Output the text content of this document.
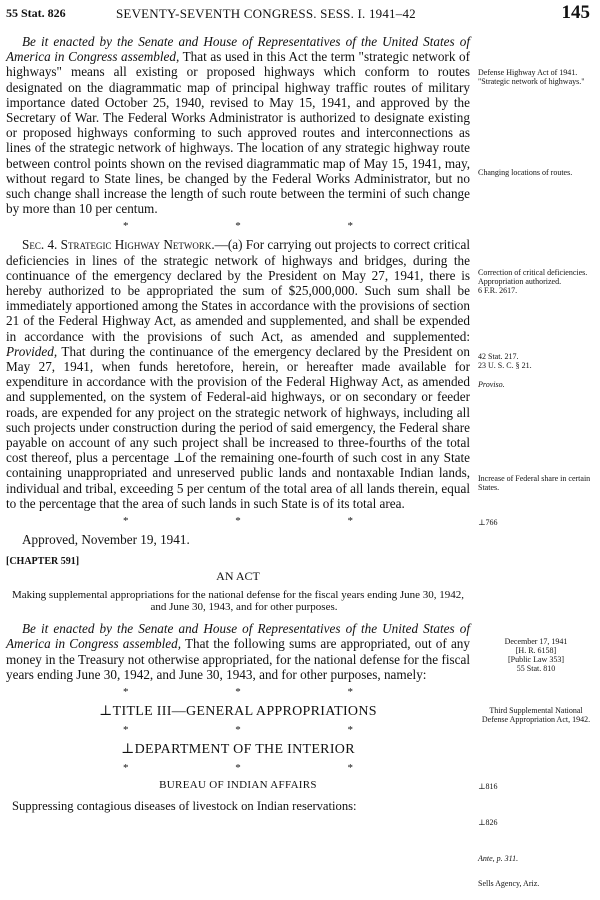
55 Stat. 826	SEVENTY-SEVENTH CONGRESS. SESS. I. 1941–42	145

Be it enacted by the Senate and House of Representatives of the United States of America in Congress assembled, That as used in this Act the term "strategic network of highways" means all existing or proposed highways which conform to routes designated on the diagrammatic map of principal highway traffic routes of military importance dated October 25, 1940, revised to May 15, 1941, and approved by the Secretary of War. The Federal Works Administrator is authorized to designate existing or proposed highways conforming to such approved routes and interconnections as lines of the strategic network of highways. The location of any strategic highway route between control points shown on the revised diagrammatic map of May 15, 1941, may, without regard to State lines, be changed by the Federal Works Administrator, but no such change shall increase the length of such route between the termini of such change by more than 10 per centum.

* * *

Sec. 4. Strategic Highway Network.—(a) For carrying out projects to correct critical deficiencies in lines of the strategic network of highways and bridges, during the continuance of the emergency declared by the President on May 27, 1941, there is hereby authorized to be appropriated the sum of $25,000,000. Such sum shall be immediately apportioned among the States in accordance with the provisions of section 21 of the Federal Highway Act, as amended and supplemented, and shall be expended in accordance with the provisions of such Act, as amended and supplemented: Provided, That during the continuance of the emergency declared by the President on May 27, 1941, when funds heretofore, herein, or hereafter made available for expenditure in accordance with the provision of the Federal Highway Act, as amended and supplemented, on the system of Federal-aid highways, or on secondary or feeder roads, are expended for any project on the strategic network of highways, including all such projects under construction during the period of said emergency, the Federal share payable on account of any such project shall be increased to three-fourths of the total cost thereof, plus a percentage ⊥of the remaining one-fourth of such cost in any State containing unappropriated and unreserved public lands and nontaxable Indian lands, individual and tribal, exceeding 5 per centum of the total area of all lands therein, equal to the percentage that the area of such lands in such State is of its total area.

* * *
Approved, November 19, 1941.
[CHAPTER 591]
AN ACT
Making supplemental appropriations for the national defense for the fiscal years ending June 30, 1942, and June 30, 1943, and for other purposes.

Be it enacted by the Senate and House of Representatives of the United States of America in Congress assembled, That the following sums are appropriated, out of any money in the Treasury not otherwise appropriated, for the national defense for the fiscal years ending June 30, 1942, and June 30, 1943, and for other purposes, namely:

* * *
⊥TITLE III—GENERAL APPROPRIATIONS
* * *
⊥DEPARTMENT OF THE INTERIOR
* * *
BUREAU OF INDIAN AFFAIRS
Suppressing contagious diseases of livestock on Indian reservations:
Defense Highway Act of 1941.
"Strategic network of highways."
Changing locations of routes.
Correction of critical deficiencies.
Appropriation authorized.
6 F.R. 2617.
42 Stat. 217.
23 U. S. C. § 21.
Proviso.
Increase of Federal share in certain States.
⊥766
December 17, 1941
[H. R. 6158]
[Public Law 353]
55 Stat. 810
Third Supplemental National Defense Appropriation Act, 1942.
⊥816
⊥826
Ante, p. 311.
Sells Agency, Ariz.
